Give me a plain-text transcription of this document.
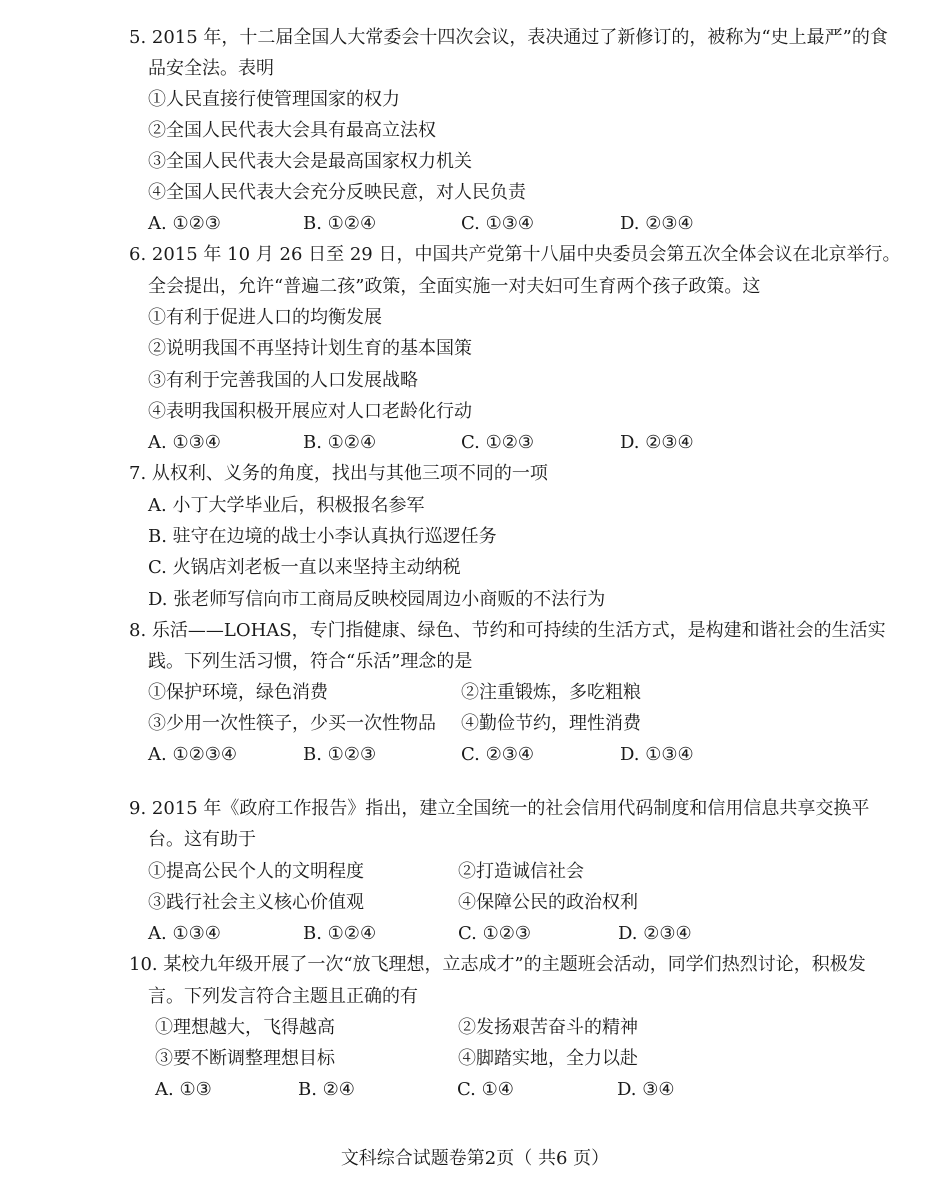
5. 2015 年，十二届全国人大常委会十四次会议，表决通过了新修订的，被称为“史上最严”的食
品安全法。表明
①人民直接行使管理国家的权力
②全国人民代表大会具有最高立法权
③全国人民代表大会是最高国家权力机关
④全国人民代表大会充分反映民意，对人民负责
A. ①②③	B. ①②④	C. ①③④	D. ②③④
6. 2015 年 10 月 26 日至 29 日，中国共产党第十八届中央委员会第五次全体会议在北京举行。
全会提出，允许“普遍二孩”政策，全面实施一对夫妇可生育两个孩子政策。这
①有利于促进人口的均衡发展
②说明我国不再坚持计划生育的基本国策
③有利于完善我国的人口发展战略
④表明我国积极开展应对人口老龄化行动
A. ①③④	B. ①②④	C. ①②③	D. ②③④
7. 从权利、义务的角度，找出与其他三项不同的一项
A. 小丁大学毕业后，积极报名参军
B. 驻守在边境的战士小李认真执行巡逻任务
C. 火锅店刘老板一直以来坚持主动纳税
D. 张老师写信向市工商局反映校园周边小商贩的不法行为
8. 乐活——LOHAS，专门指健康、绿色、节约和可持续的生活方式，是构建和谐社会的生活实
践。下列生活习惯，符合“乐活”理念的是
①保护环境，绿色消费	②注重锻炼，多吃粗粮
③少用一次性筷子，少买一次性物品 ④勤俭节约，理性消费
A. ①②③④	B. ①②③	C. ②③④	D. ①③④
9. 2015 年《政府工作报告》指出，建立全国统一的社会信用代码制度和信用信息共享交换平
台。这有助于
①提高公民个人的文明程度	②打造诚信社会
③践行社会主义核心价值观	④保障公民的政治权利
A. ①③④	B. ①②④	C. ①②③	D. ②③④
10. 某校九年级开展了一次“放飞理想，立志成才”的主题班会活动，同学们热烈讨论，积极发
言。下列发言符合主题且正确的有
①理想越大，飞得越高	②发扬艰苦奋斗的精神
③要不断调整理想目标	④脚踏实地，全力以赴
A. ①③	B. ②④	C. ①④	D. ③④
文科综合试题卷第2页（ 共6 页）
